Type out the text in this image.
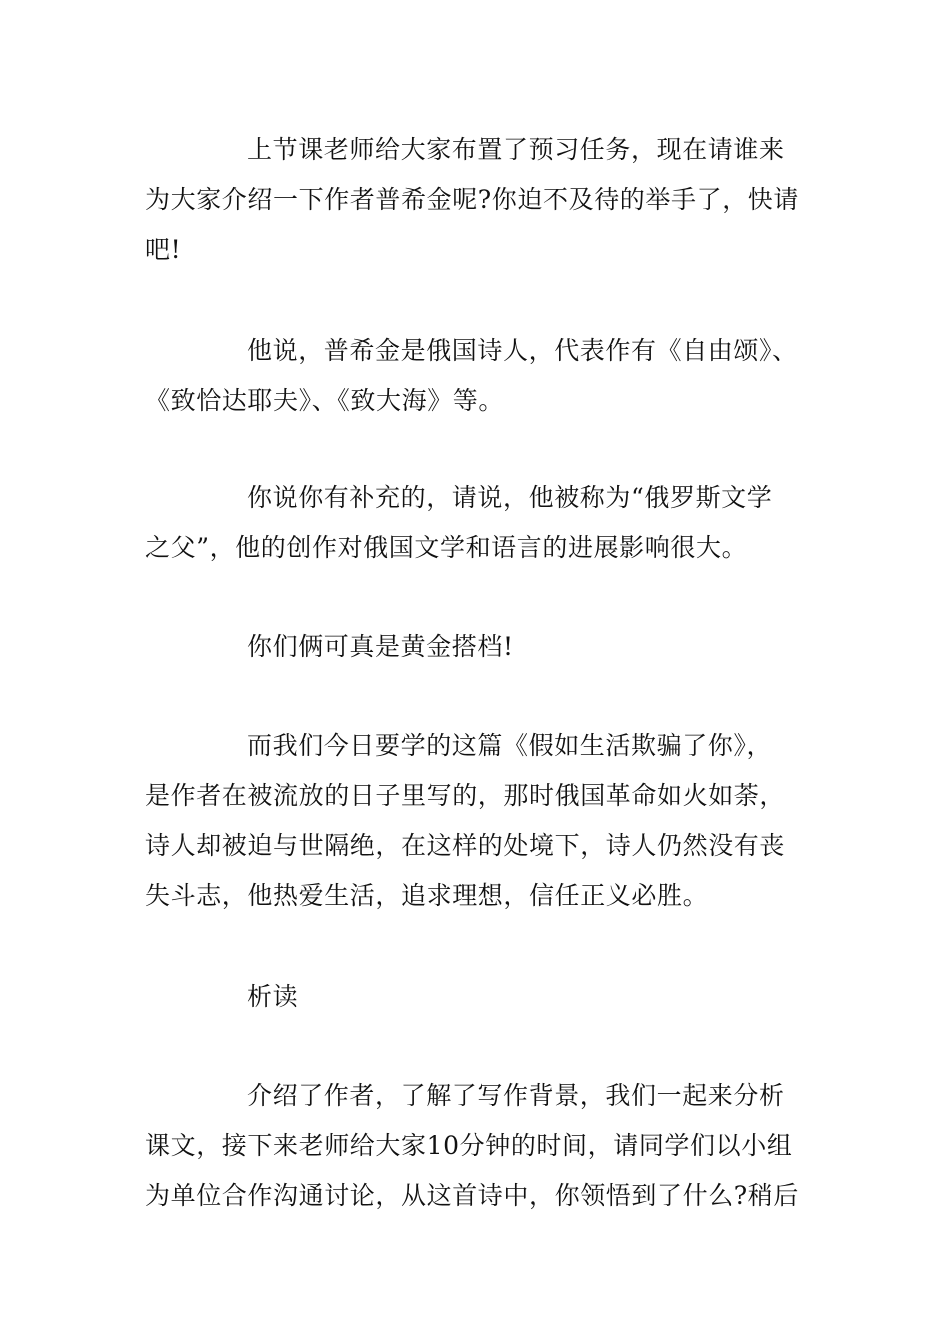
上节课老师给大家布置了预习任务，现在请谁来
为大家介绍一下作者普希金呢?你迫不及待的举手了，快请
吧!
他说，普希金是俄国诗人，代表作有《自由颂》、
《致恰达耶夫》、《致大海》等。
你说你有补充的，请说，他被称为“俄罗斯文学
之父”，他的创作对俄国文学和语言的进展影响很大。
你们俩可真是黄金搭档!
而我们今日要学的这篇《假如生活欺骗了你》，
是作者在被流放的日子里写的，那时俄国革命如火如荼，
诗人却被迫与世隔绝，在这样的处境下，诗人仍然没有丧
失斗志，他热爱生活，追求理想，信任正义必胜。
析读
介绍了作者，了解了写作背景，我们一起来分析
课文，接下来老师给大家10分钟的时间，请同学们以小组
为单位合作沟通讨论，从这首诗中，你领悟到了什么?稍后
